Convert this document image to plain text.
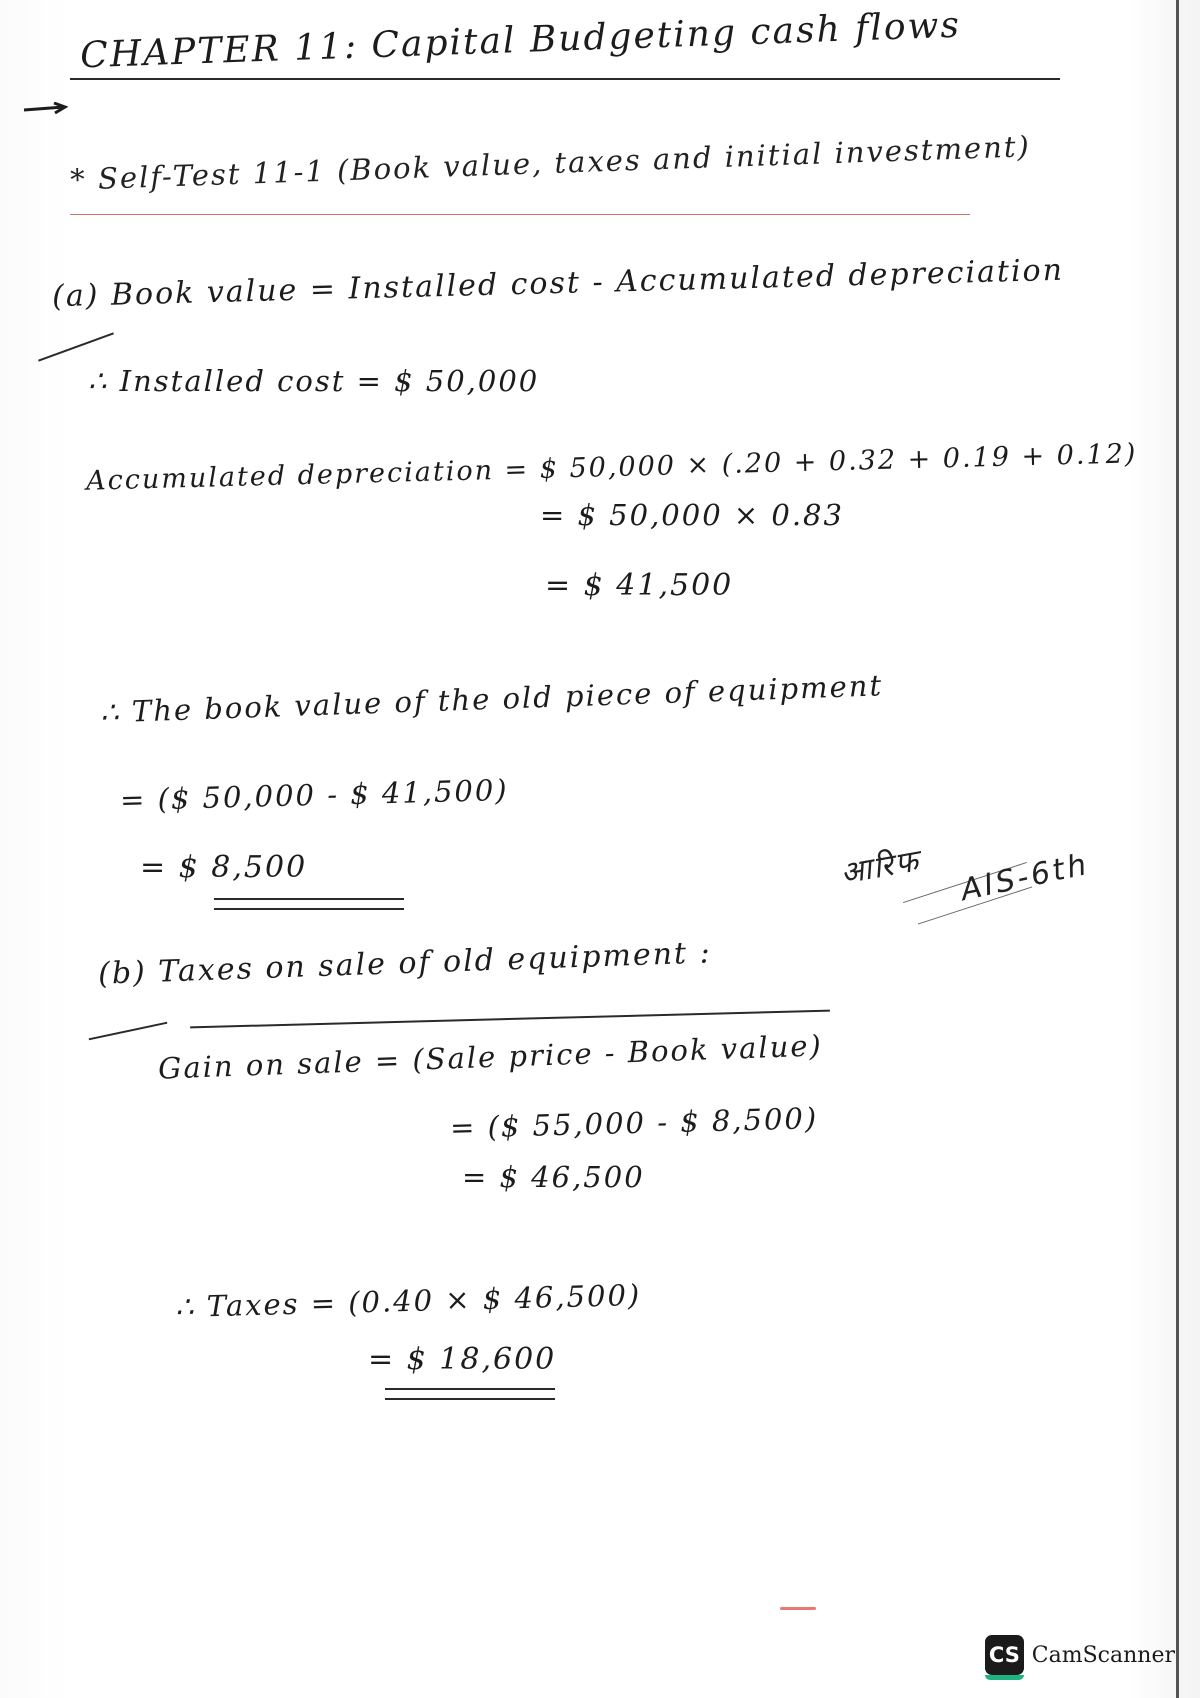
CHAPTER 11: Capital Budgeting cash flows
* Self-Test 11-1 (Book value, taxes and initial investment)
(a) Book value = Installed cost - Accumulated depreciation
∴ Installed cost = $ 50,000
Accumulated depreciation = $ 50,000 × (.20 + 0.32 + 0.19 + 0.12)
= $ 50,000 × 0.83
= $ 41,500
∴ The book value of the old piece of equipment
= ($ 50,000 - $ 41,500)
= $ 8,500	आरिफ AIS-6th
(b) Taxes on sale of old equipment :
Gain on sale = (Sale price - Book value)
= ($ 55,000 - $ 8,500)
= $ 46,500
∴ Taxes = (0.40 × $ 46,500)
= $ 18,600
CS CamScanner
